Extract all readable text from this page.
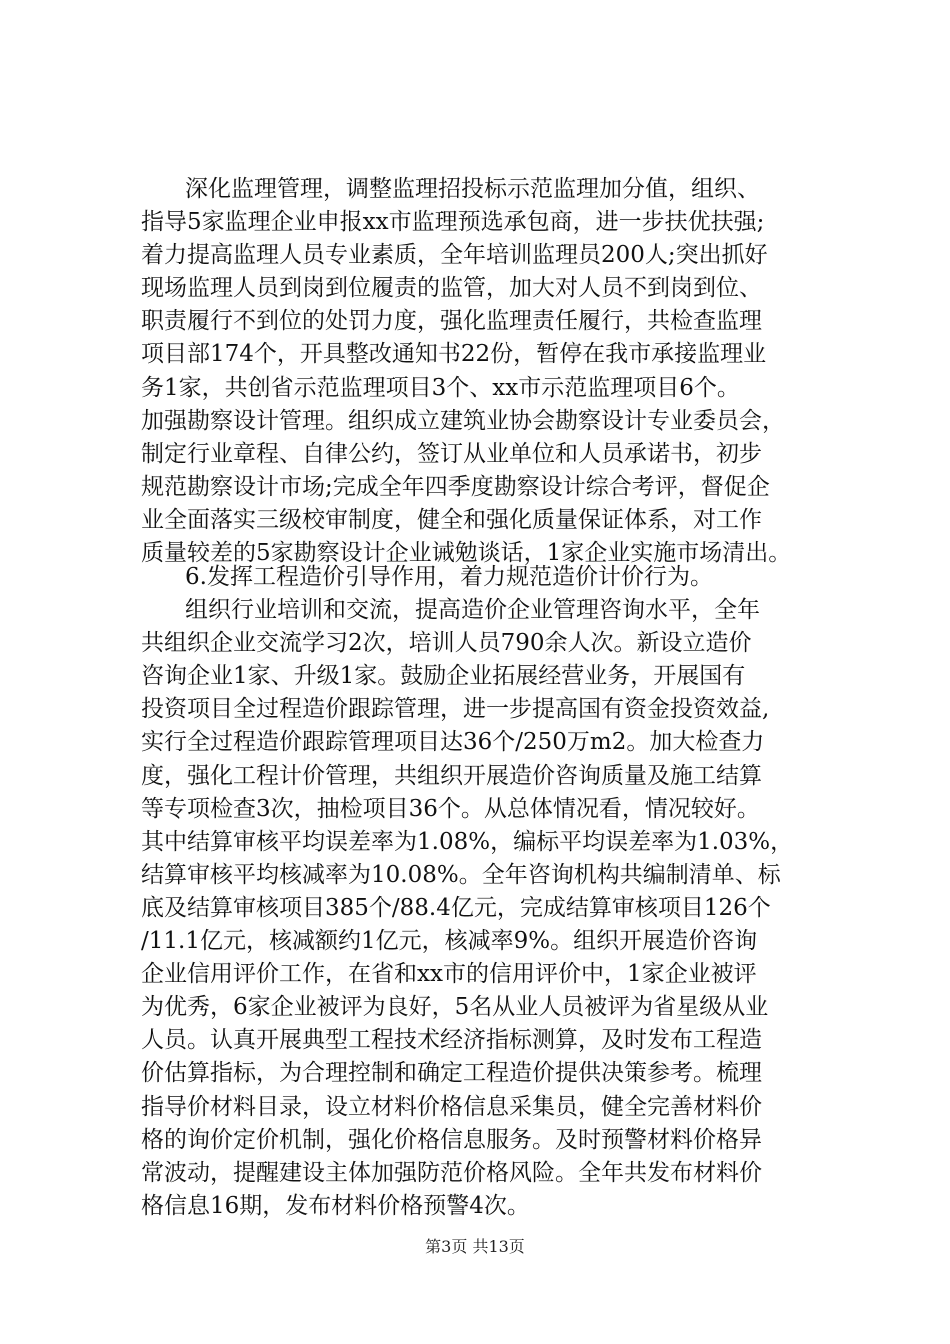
深化监理管理，调整监理招投标示范监理加分值，组织、
指导5家监理企业申报xx市监理预选承包商，进一步扶优扶强;
着力提高监理人员专业素质，全年培训监理员200人;突出抓好
现场监理人员到岗到位履责的监管，加大对人员不到岗到位、
职责履行不到位的处罚力度，强化监理责任履行，共检查监理
项目部174个，开具整改通知书22份，暂停在我市承接监理业
务1家，共创省示范监理项目3个、xx市示范监理项目6个。
加强勘察设计管理。组织成立建筑业协会勘察设计专业委员会，
制定行业章程、自律公约，签订从业单位和人员承诺书，初步
规范勘察设计市场;完成全年四季度勘察设计综合考评，督促企
业全面落实三级校审制度，健全和强化质量保证体系，对工作
质量较差的5家勘察设计企业诫勉谈话，1家企业实施市场清出。
6.发挥工程造价引导作用，着力规范造价计价行为。
组织行业培训和交流，提高造价企业管理咨询水平，全年
共组织企业交流学习2次，培训人员790余人次。新设立造价
咨询企业1家、升级1家。鼓励企业拓展经营业务，开展国有
投资项目全过程造价跟踪管理，进一步提高国有资金投资效益,
实行全过程造价跟踪管理项目达36个/250万m2。加大检查力
度，强化工程计价管理，共组织开展造价咨询质量及施工结算
等专项检查3次，抽检项目36个。从总体情况看，情况较好。
其中结算审核平均误差率为1.08%，编标平均误差率为1.03%，
结算审核平均核减率为10.08%。全年咨询机构共编制清单、标
底及结算审核项目385个/88.4亿元，完成结算审核项目126个
/11.1亿元，核减额约1亿元，核减率9%。组织开展造价咨询
企业信用评价工作，在省和xx市的信用评价中，1家企业被评
为优秀，6家企业被评为良好，5名从业人员被评为省星级从业
人员。认真开展典型工程技术经济指标测算，及时发布工程造
价估算指标，为合理控制和确定工程造价提供决策参考。梳理
指导价材料目录，设立材料价格信息采集员，健全完善材料价
格的询价定价机制，强化价格信息服务。及时预警材料价格异
常波动，提醒建设主体加强防范价格风险。全年共发布材料价
格信息16期，发布材料价格预警4次。
第3页 共13页
